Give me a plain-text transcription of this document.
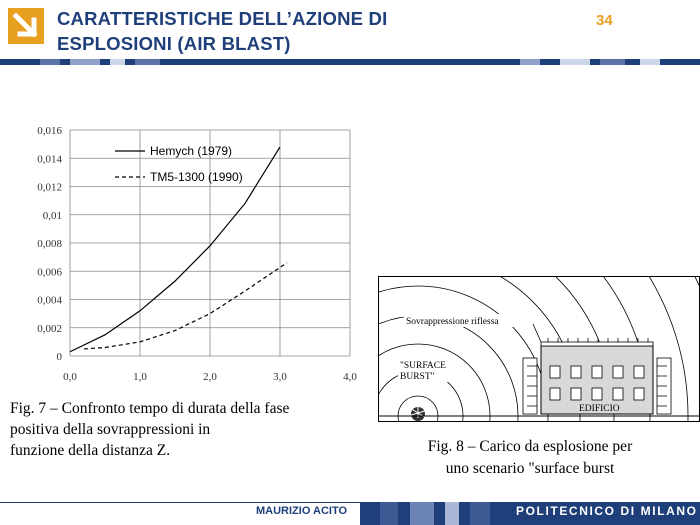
CARATTERISTICHE DELL’AZIONE DI
ESPLOSIONI (AIR BLAST)
34
0
0,002
0,004
0,006
0,008
0,01
0,012
0,014
0,016
0,0	1,0	2,0	3,0	4,0
Hemych (1979)
TM5-1300 (1990)
Fig. 7 – Confronto tempo di durata della fase
positiva della sovrappressioni in
funzione della distanza Z.
Sovrappressione riflessa
"SURFACE
BURST"
EDIFICIO
Fig. 8 – Carico da esplosione per
uno scenario "surface burst
MAURIZIO ACITO	POLITECNICO DI MILANO
